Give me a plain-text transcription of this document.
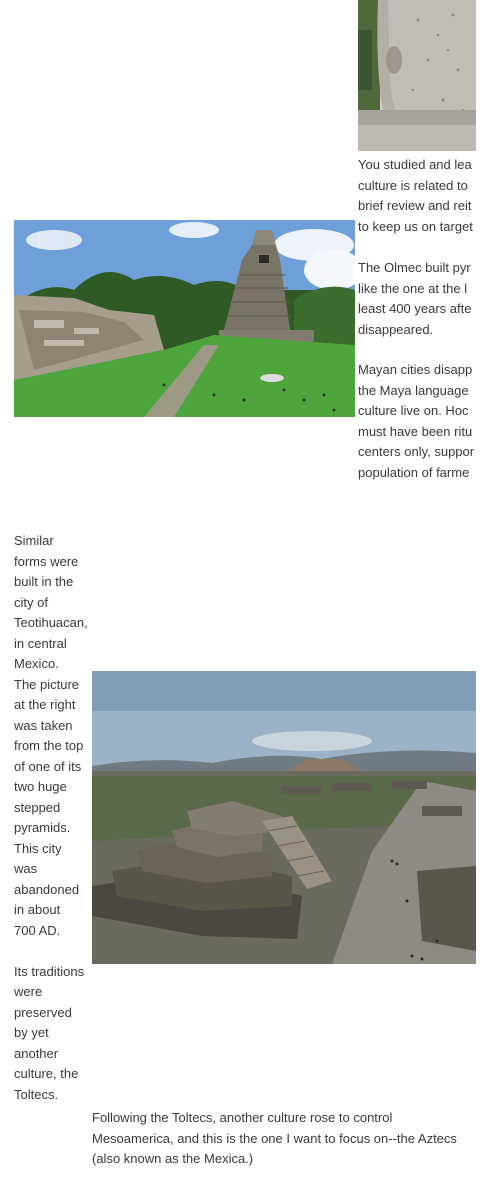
You studied and lea
culture is related to
brief review and reit
to keep us on target
The Olmec built pyr
like the one at the l
least 400 years afte
disappeared.
Mayan cities disapp
the Maya language
culture live on. Hoc
must have been ritu
centers only, suppor
population of farme
Similar
forms were
built in the
city of
Teotihuacan,
in central
Mexico.
The picture
at the right
was taken
from the top
of one of its
two huge
stepped
pyramids.
This city
was
abandoned
in about
700 AD.
Its traditions
were
preserved
by yet
another
culture, the
Toltecs.
Following the Toltecs, another culture rose to control
Mesoamerica, and this is the one I want to focus on--the Aztecs
(also known as the Mexica.)
